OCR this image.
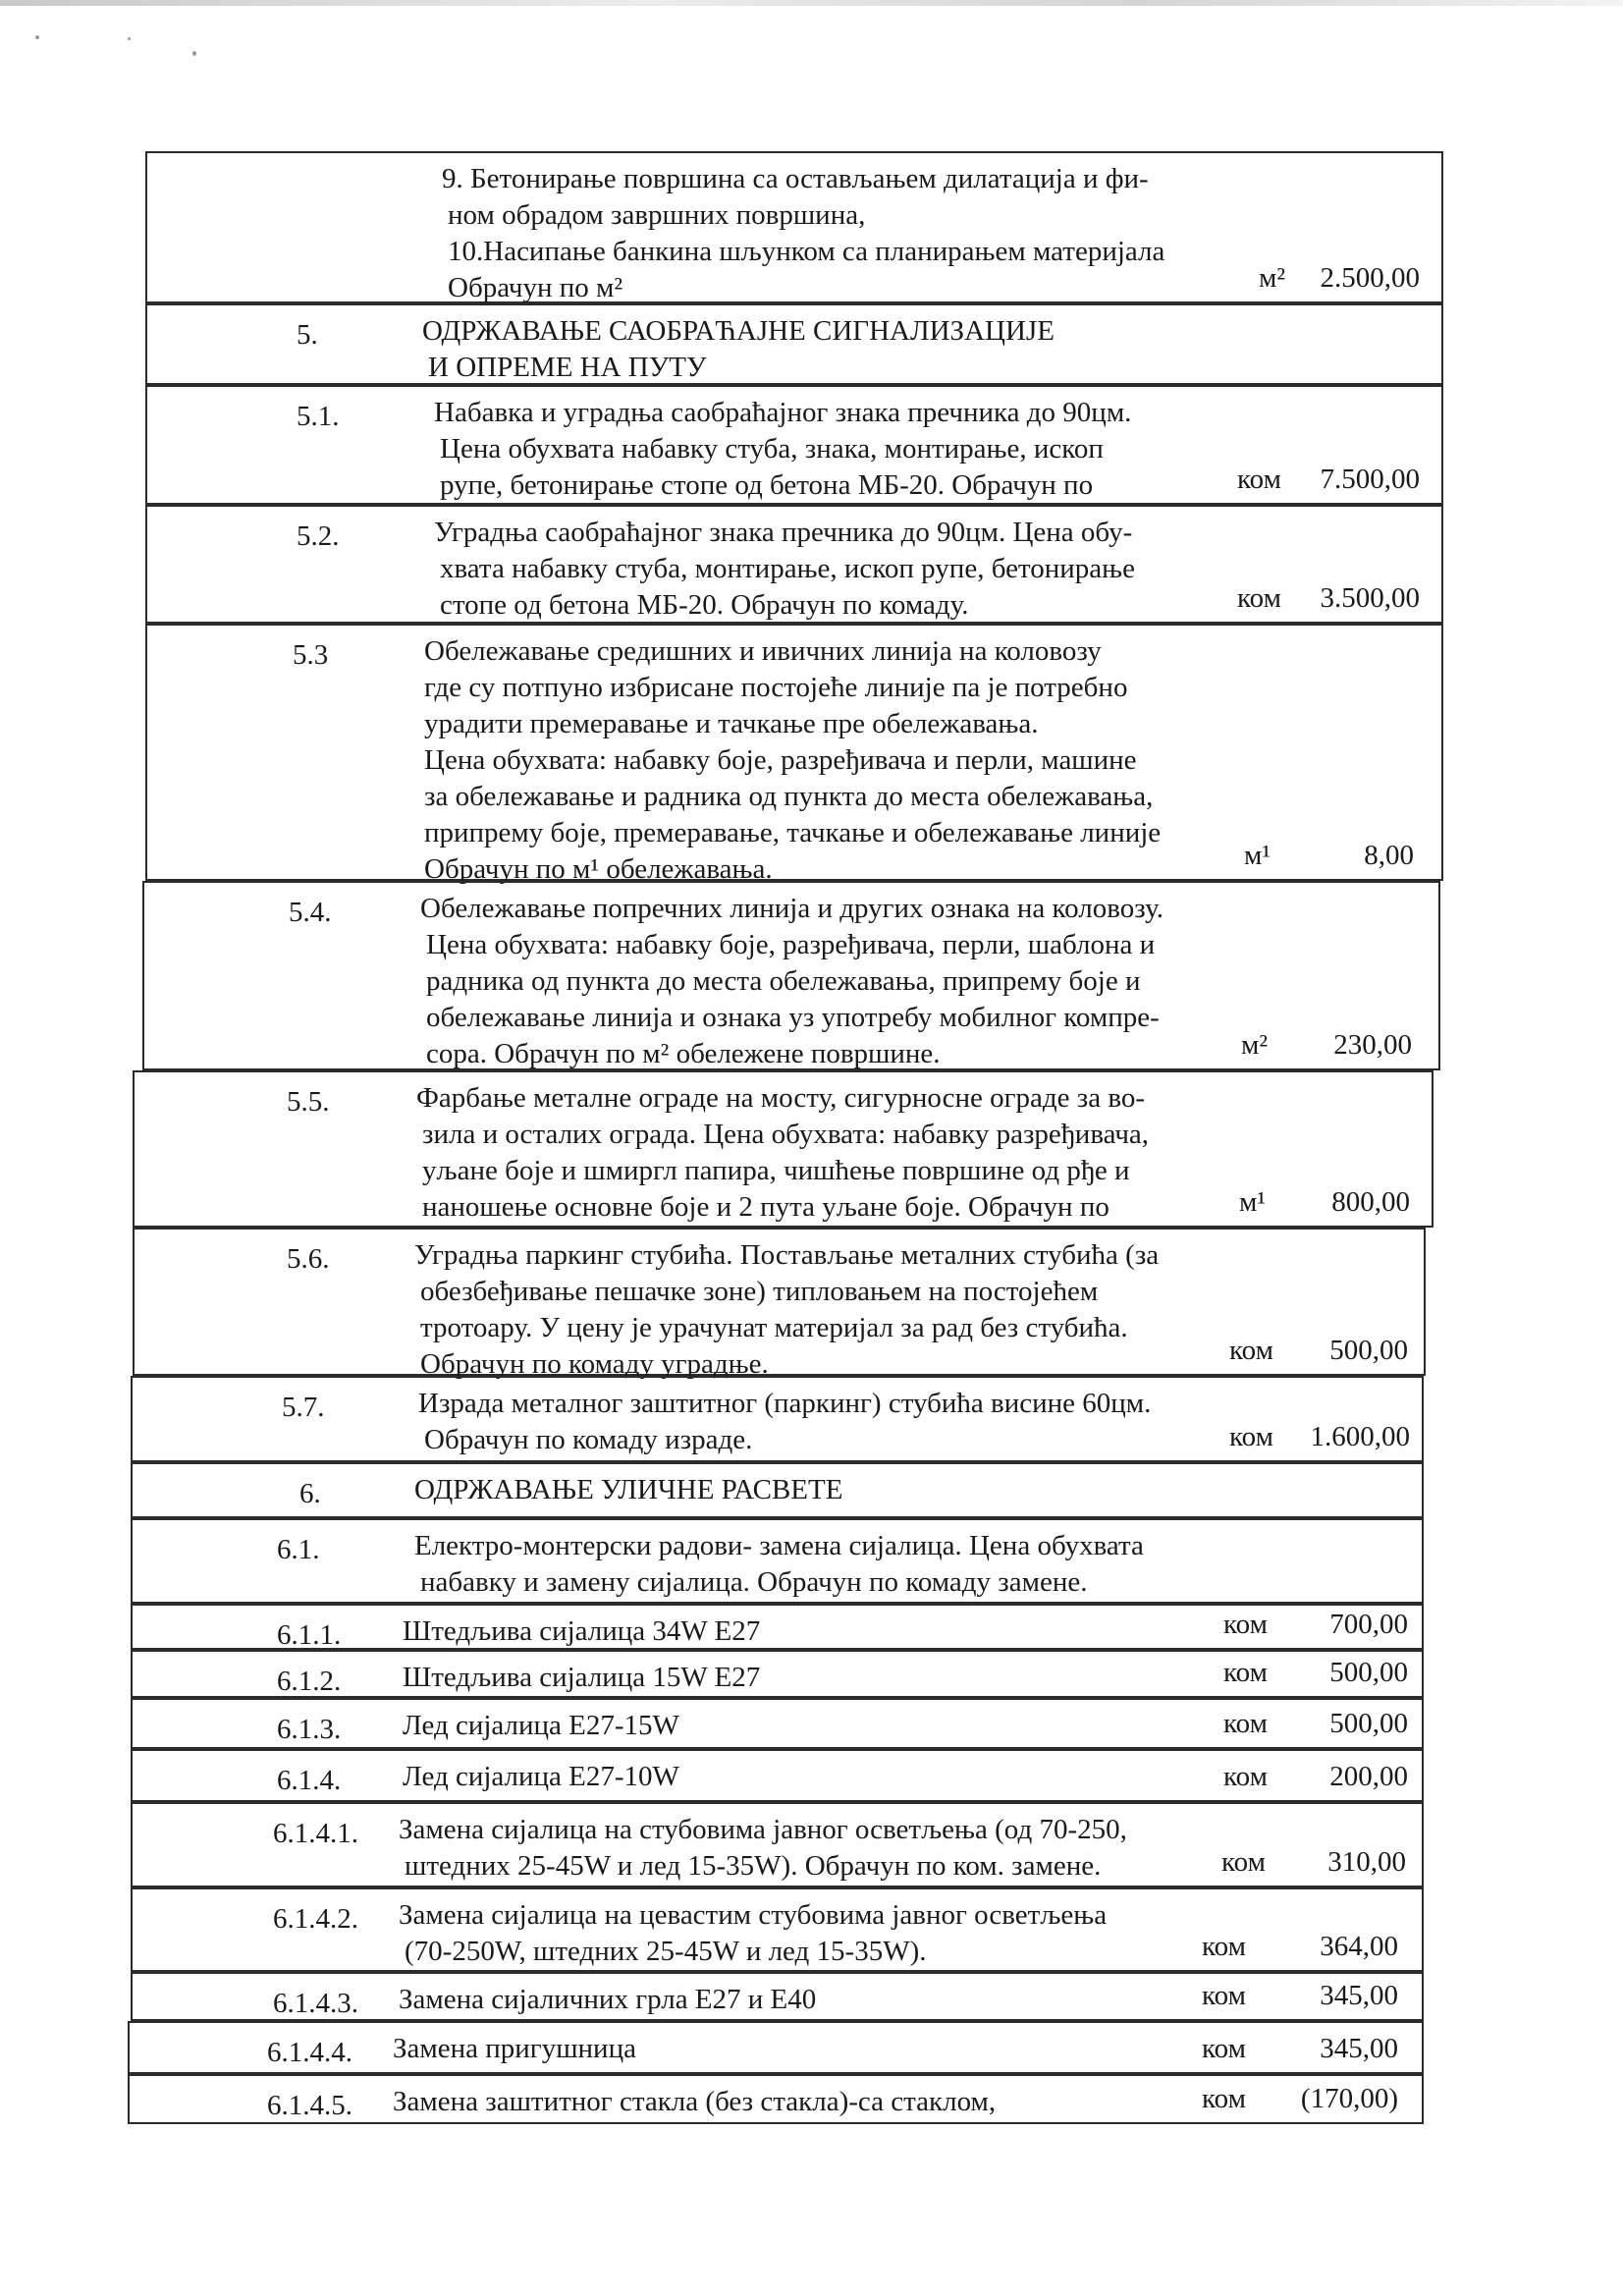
9. Бетонирање површина са остављањем дилатација и фи-
ном обрадом завршних површина,
10.Насипање банкина шљунком са планирањем материјала
Обрачун по м²	м² 2.500,00
5.	ОДРЖАВАЊЕ САОБРАЋАЈНЕ СИГНАЛИЗАЦИЈЕ
И ОПРЕМЕ НА ПУТУ
5.1.	Набавка и уградња саобраћајног знака пречника до 90цм.
Цена обухвата набавку стуба, знака, монтирање, ископ
рупе, бетонирање стопе од бетона МБ-20. Обрачун по	ком 7.500,00
5.2.	Уградња саобраћајног знака пречника до 90цм. Цена обу-
хвата набавку стуба, монтирање, ископ рупе, бетонирање
стопе од бетона МБ-20. Обрачун по комаду.	ком 3.500,00
5.3	Обележавање средишних и ивичних линија на коловозу
где су потпуно избрисане постојеће линије па је потребно
урадити премеравање и тачкање пре обележавања.
Цена обухвата: набавку боје, разређивача и перли, машине
за обележавање и радника од пункта до места обележавања,
припрему боје, премеравање, тачкање и обележавање линије
Обрачун по м¹ обележавања.	м¹	8,00
5.4.	Обележавање попречних линија и других ознака на коловозу.
Цена обухвата: набавку боје, разређивача, перли, шаблона и
радника од пункта до места обележавања, припрему боје и
обележавање линија и ознака уз употребу мобилног компре-
сора. Обрачун по м² обележене површине.	м² 230,00
5.5.	Фарбање металне ограде на мосту, сигурносне ограде за во-
зила и осталих ограда. Цена обухвата: набавку разређивача,
уљане боје и шмиргл папира, чишћење површине од рђе и
наношење основне боје и 2 пута уљане боје. Обрачун по	м¹ 800,00
5.6.	Уградња паркинг стубића. Постављање металних стубића (за
обезбеђивање пешачке зоне) типловањем на постојећем
тротоару. У цену је урачунат материјал за рад без стубића.
Обрачун по комаду уградње.	ком 500,00
5.7.	Израда металног заштитног (паркинг) стубића висине 60цм.
Обрачун по комаду израде.	ком 1.600,00
6.	ОДРЖАВАЊЕ УЛИЧНЕ РАСВЕТЕ
6.1.	Електро-монтерски радови- замена сијалица. Цена обухвата
набавку и замену сијалица. Обрачун по комаду замене.
6.1.1. Штедљива сијалица 34W E27	ком 700,00
6.1.2. Штедљива сијалица 15W E27	ком 500,00
6.1.3. Лед сијалица E27-15W	ком 500,00
6.1.4. Лед сијалица E27-10W	ком 200,00
6.1.4.1. Замена сијалица на стубовима јавног осветљења (од 70-250,
штедних 25-45W и лед 15-35W). Обрачун по ком. замене.	ком 310,00
6.1.4.2. Замена сијалица на цевастим стубовима јавног осветљења
(70-250W, штедних 25-45W и лед 15-35W).	ком	364,00
6.1.4.3. Замена сијаличних грла E27 и E40	ком	345,00
6.1.4.4. Замена пригушница	ком	345,00
6.1.4.5. Замена заштитног стакла (без стакла)-са стаклом,	ком (170,00)
